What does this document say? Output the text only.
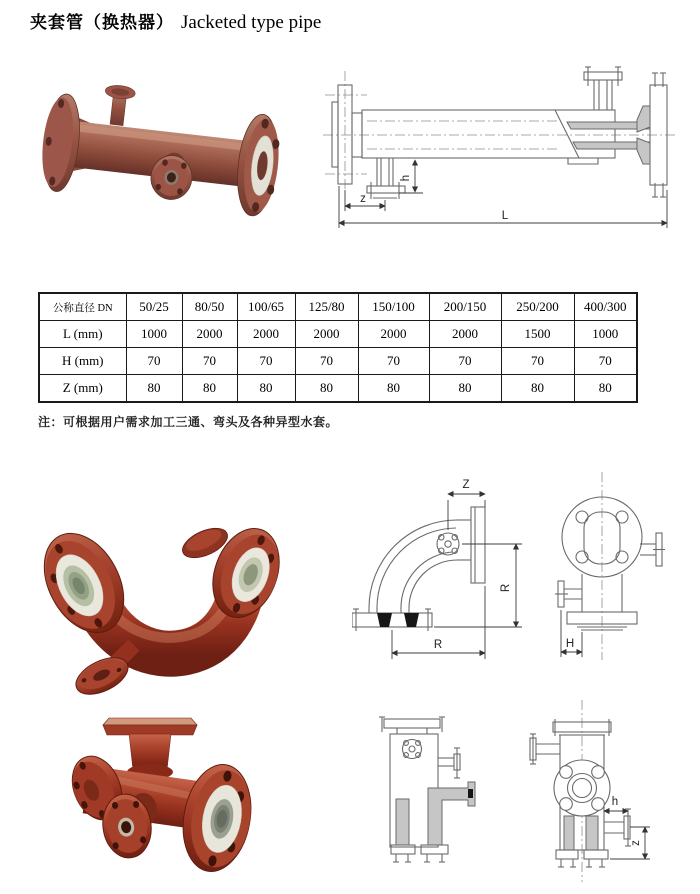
夹套管（换热器） Jacketed type pipe
h
z
L
公称直径 DN	50/25	80/50	100/65	125/80	150/100	200/150	250/200	400/300
L (mm)	1000	2000	2000	2000	2000	2000	1500	1000
H (mm)	70	70	70	70	70	70	70	70
Z (mm)	80	80	80	80	80	80	80	80
注：可根据用户需求加工三通、弯头及各种异型水套。
Z
R
R	H
h
z
